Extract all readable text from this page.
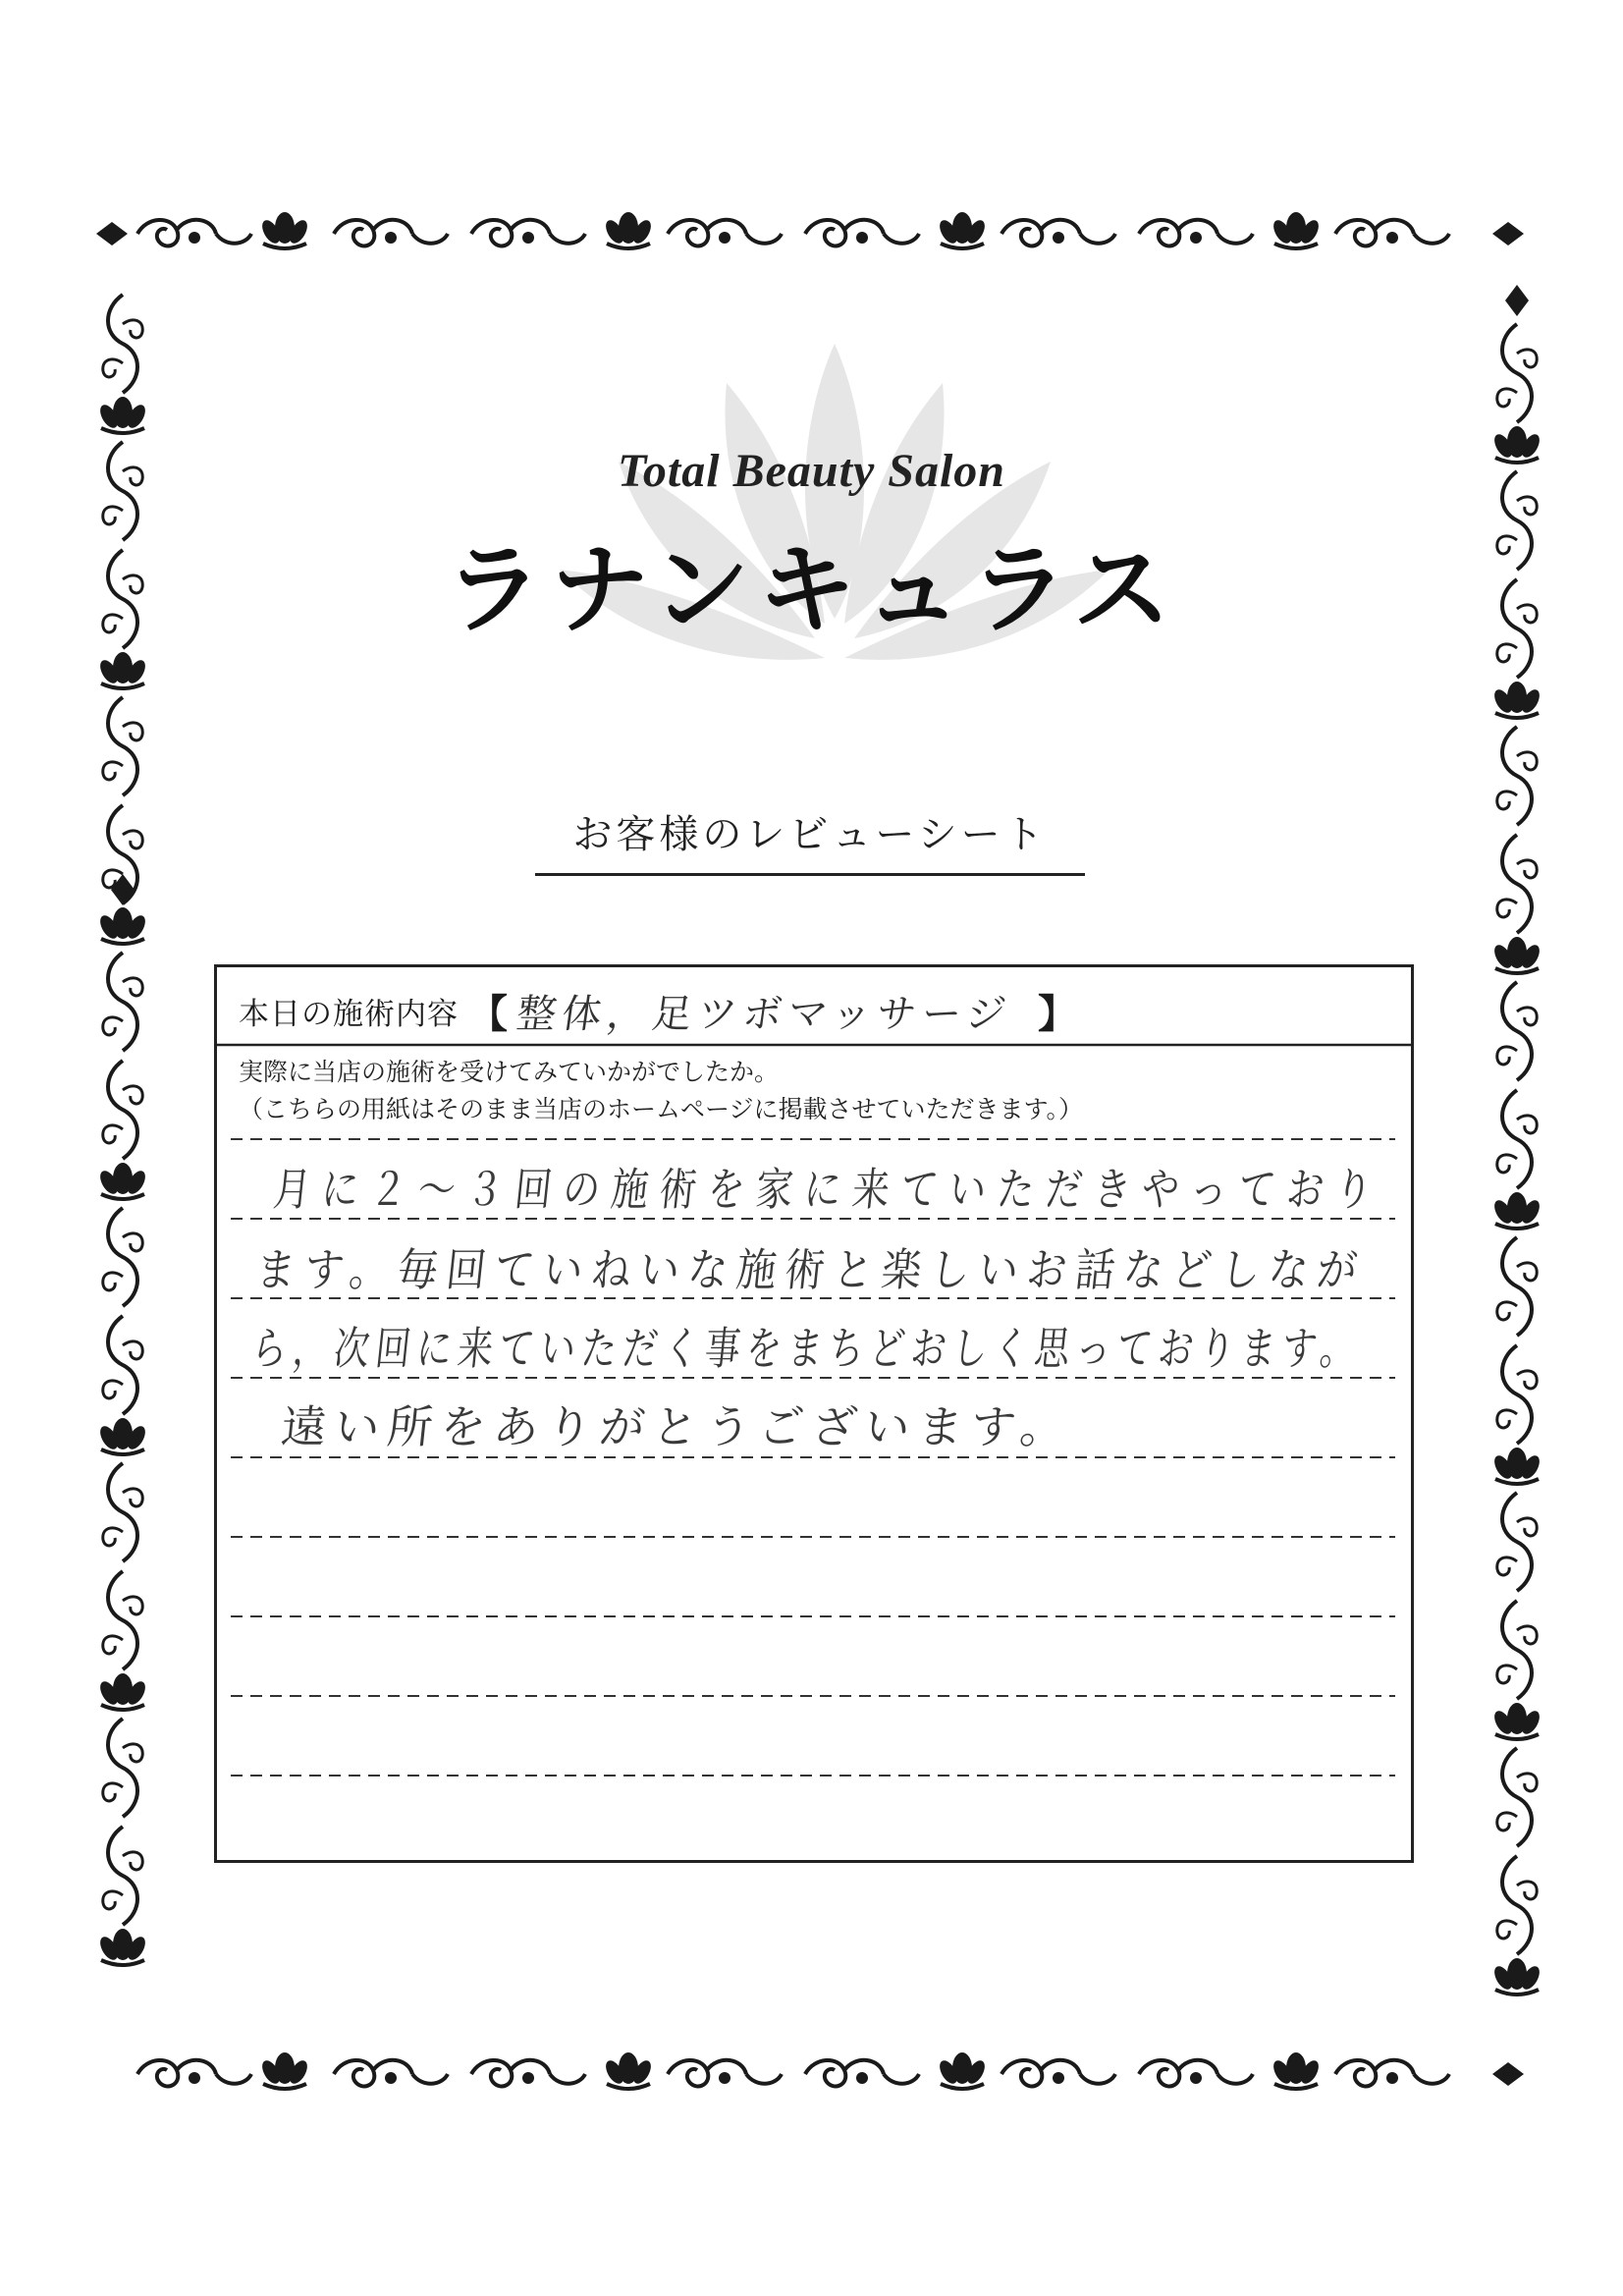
Total Beauty Salon
ラナンキュラス
お客様のレビューシート
本日の施術内容 【 整体，足ツボマッサージ 】
実際に当店の施術を受けてみていかがでしたか。
（こちらの用紙はそのまま当店のホームページに掲載させていただきます。）
月に２〜３回の施術を家に来ていただきやっており
ます。毎回ていねいな施術と楽しいお話などしなが
ら，次回に来ていただく事をまちどおしく思っております。
遠い所をありがとうございます。
